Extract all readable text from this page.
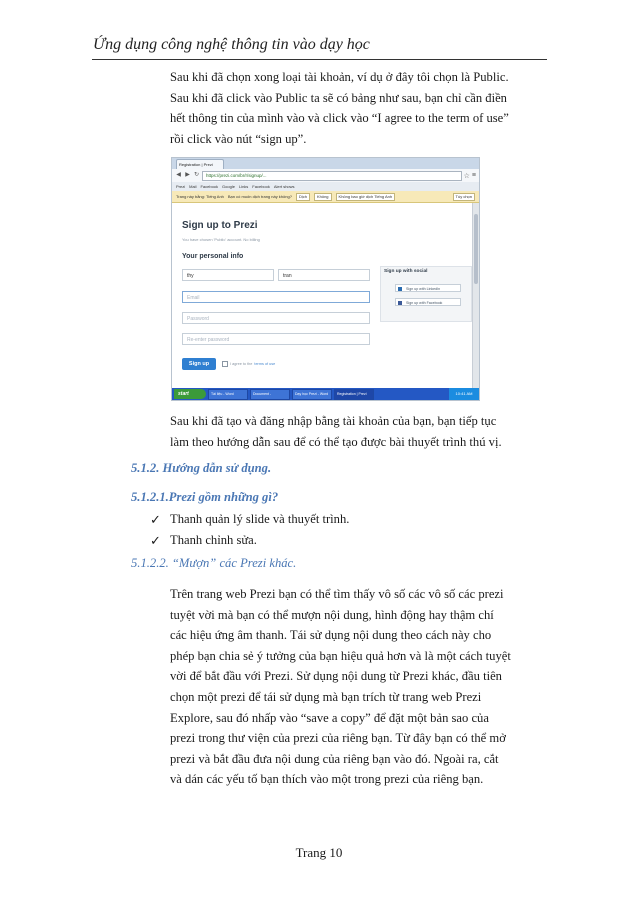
Ứng dụng công nghệ thông tin vào dạy học

Sau khi đã chọn xong loại tài khoản, ví dụ ở đây tôi chọn là Public.

Sau khi đã click vào Public ta sẽ có bảng như sau, bạn chỉ cần điền

hết thông tin của mình vào và click vào “I agree to the term of use”

rồi click vào nút “sign up”.

Registration | Prezi
◀ ▶ ↻	https://prezi.com/br/r/signup/...	☆ ≡
Prezi Mail Facebook Google Links Facebook Alert shows
Trang này bằng: Tiếng Anh Bạn có muốn dịch trang này không?	Dịch	Không	Không bao giờ dịch Tiếng Anh	Tùy chọn
Sign up to Prezi
You have chosen 'Public' account. No billing
Your personal info
thy	tran
Email
Password
Re-enter password
Sign up with social
Sign up with LinkedIn
Sign up with Facebook
Sign up	I agree to the terms of use
start	Tài liệu - Word	Document - Microsoft...
Dạy học Prezi - Word	Registration | Prezi	10:41 AM

Sau khi đã tạo và đăng nhập bằng tài khoản của bạn, bạn tiếp tục

làm theo hướng dẫn sau để có thể tạo được bài thuyết trình thú vị.

5.1.2. Hướng dẫn sử dụng.
5.1.2.1.Prezi gồm những gì?
✓ Thanh quản lý slide và thuyết trình.
✓ Thanh chỉnh sửa.
5.1.2.2. “Mượn” các Prezi khác.

Trên trang web Prezi bạn có thể tìm thấy vô số các vô số các prezi

tuyệt vời mà bạn có thể mượn nội dung, hình động hay thậm chí

các hiệu ứng âm thanh. Tái sử dụng nội dung theo cách này cho

phép bạn chia sẻ ý tưởng của bạn hiệu quả hơn và là một cách tuyệt

vời để bắt đầu với Prezi. Sử dụng nội dung từ Prezi khác, đầu tiên

chọn một prezi để tái sử dụng mà bạn trích từ trang web Prezi

Explore, sau đó nhấp vào “save a copy” để đặt một bản sao của

prezi trong thư viện của prezi của riêng bạn. Từ đây bạn có thể mở

prezi và bắt đầu đưa nội dung của riêng bạn vào đó. Ngoài ra, cắt

và dán các yếu tố bạn thích vào một trong prezi của riêng bạn.

Trang 10
